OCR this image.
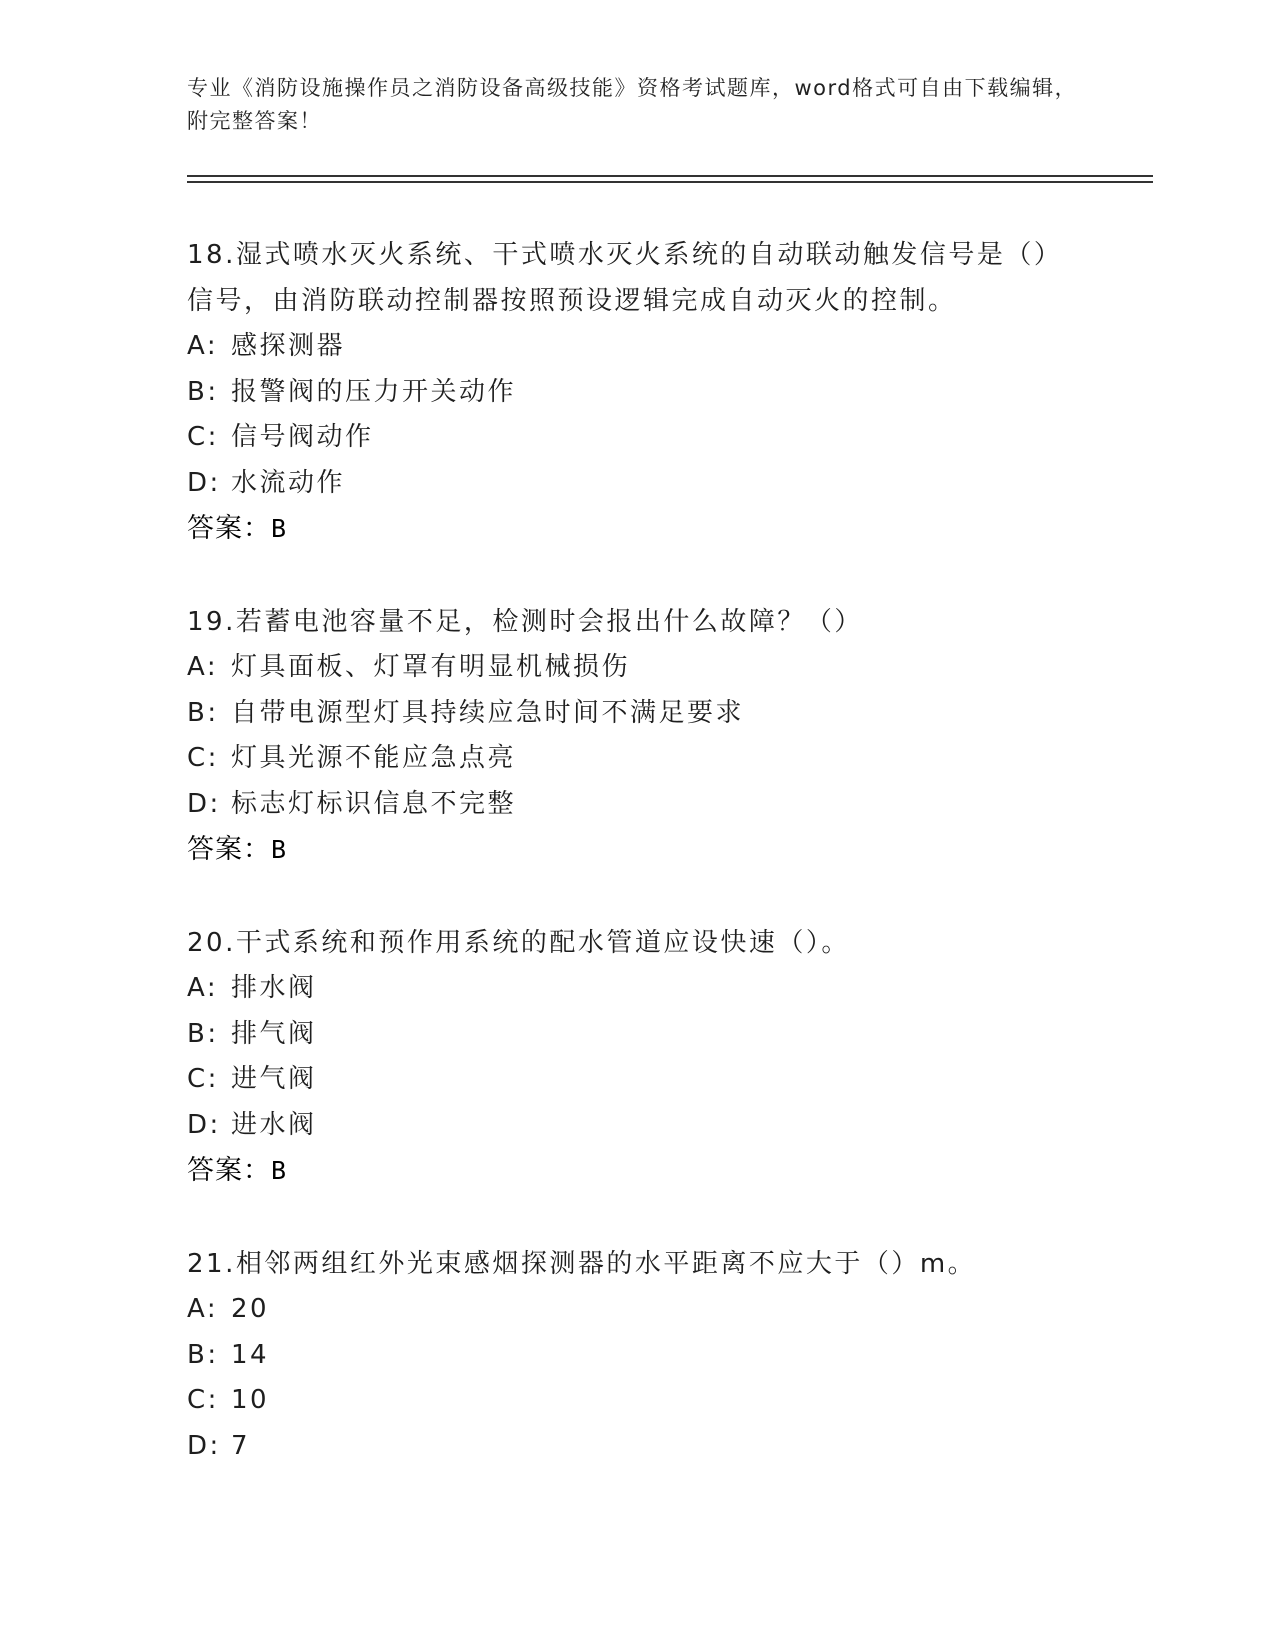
专业《消防设施操作员之消防设备高级技能》资格考试题库，word格式可自由下载编辑，附完整答案！

18.湿式喷水灭火系统、干式喷水灭火系统的自动联动触发信号是（）信号，由消防联动控制器按照预设逻辑完成自动灭火的控制。

A: 感探测器
B: 报警阀的压力开关动作
C: 信号阀动作
D: 水流动作
答案：B

19.若蓄电池容量不足，检测时会报出什么故障？（）

A: 灯具面板、灯罩有明显机械损伤
B: 自带电源型灯具持续应急时间不满足要求
C: 灯具光源不能应急点亮
D: 标志灯标识信息不完整
答案：B

20.干式系统和预作用系统的配水管道应设快速（）。

A: 排水阀
B: 排气阀
C: 进气阀
D: 进水阀
答案：B

21.相邻两组红外光束感烟探测器的水平距离不应大于（）m。

A: 20
B: 14
C: 10
D: 7
